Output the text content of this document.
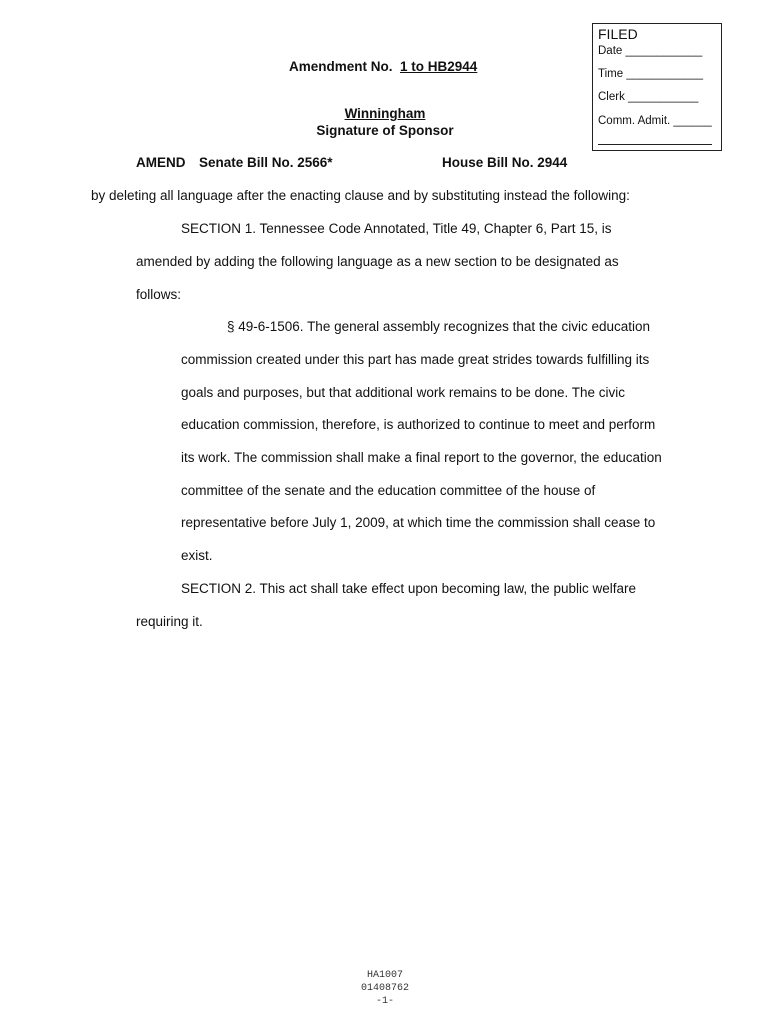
FILED
Date ____________
Time ____________
Clerk ___________
Comm. Admit. ______
Amendment No. 1 to HB2944
Winningham
Signature of Sponsor
AMEND Senate Bill No. 2566*	House Bill No. 2944
by deleting all language after the enacting clause and by substituting instead the following:
SECTION 1. Tennessee Code Annotated, Title 49, Chapter 6, Part 15, is
amended by adding the following language as a new section to be designated as
follows:
§ 49-6-1506. The general assembly recognizes that the civic education
commission created under this part has made great strides towards fulfilling its
goals and purposes, but that additional work remains to be done. The civic
education commission, therefore, is authorized to continue to meet and perform
its work. The commission shall make a final report to the governor, the education
committee of the senate and the education committee of the house of
representative before July 1, 2009, at which time the commission shall cease to
exist.
SECTION 2. This act shall take effect upon becoming law, the public welfare
requiring it.
HA1007
01408762
-1-
